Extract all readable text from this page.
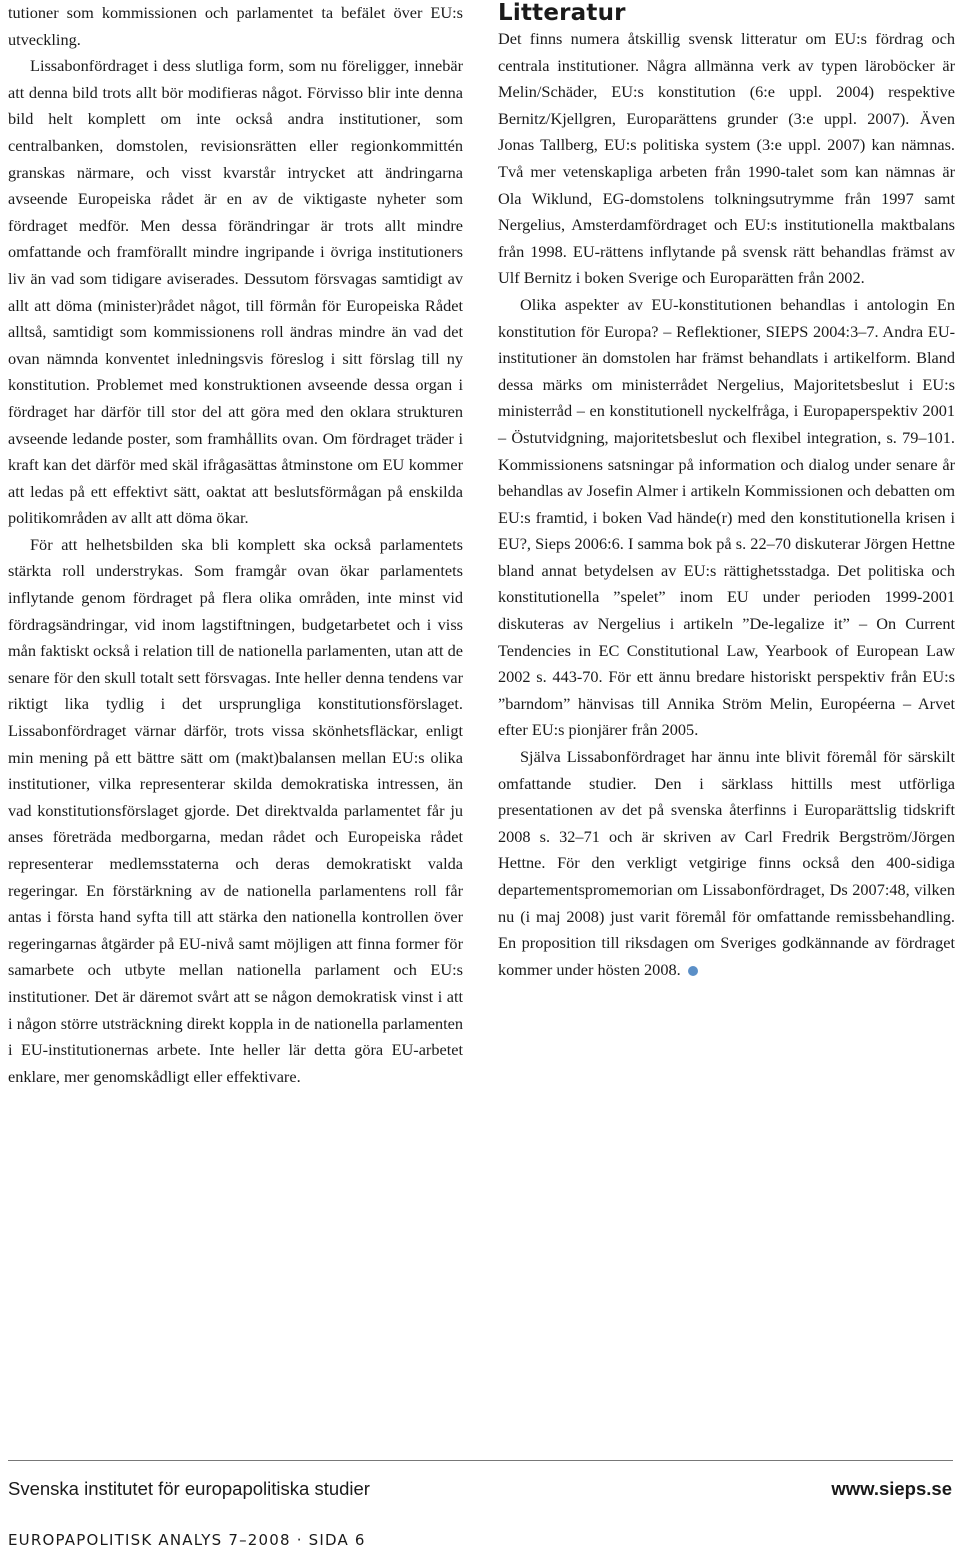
tutioner som kommissionen och parlamentet ta befälet över EU:s utveckling.

Lissabonfördraget i dess slutliga form, som nu föreligger, innebär att denna bild trots allt bör modifieras något. Förvisso blir inte denna bild helt komplett om inte också andra institutioner, som centralbanken, domstolen, revisionsrätten eller regionkommittén granskas närmare, och visst kvarstår intrycket att ändringarna avseende Europeiska rådet är en av de viktigaste nyheter som fördraget medför. Men dessa förändringar är trots allt mindre omfattande och framförallt mindre ingripande i övriga institutioners liv än vad som tidigare aviserades. Dessutom försvagas samtidigt av allt att döma (minister)rådet något, till förmån för Europeiska Rådet alltså, samtidigt som kommissionens roll ändras mindre än vad det ovan nämnda konventet inledningsvis föreslog i sitt förslag till ny konstitution. Problemet med konstruktionen avseende dessa organ i fördraget har därför till stor del att göra med den oklara strukturen avseende ledande poster, som framhållits ovan. Om fördraget träder i kraft kan det därför med skäl ifrågasättas åtminstone om EU kommer att ledas på ett effektivt sätt, oaktat att beslutsförmågan på enskilda politikområden av allt att döma ökar.

För att helhetsbilden ska bli komplett ska också parlamentets stärkta roll understrykas. Som framgår ovan ökar parlamentets inflytande genom fördraget på flera olika områden, inte minst vid fördragsändringar, vid inom lagstiftningen, budgetarbetet och i viss mån faktiskt också i relation till de nationella parlamenten, utan att de senare för den skull totalt sett försvagas. Inte heller denna tendens var riktigt lika tydlig i det ursprungliga konstitutionsförslaget. Lissabonfördraget värnar därför, trots vissa skönhetsfläckar, enligt min mening på ett bättre sätt om (makt)balansen mellan EU:s olika institutioner, vilka representerar skilda demokratiska intressen, än vad konstitutionsförslaget gjorde. Det direktvalda parlamentet får ju anses företräda medborgarna, medan rådet och Europeiska rådet representerar medlemsstaterna och deras demokratiskt valda regeringar. En förstärkning av de nationella parlamentens roll får antas i första hand syfta till att stärka den nationella kontrollen över regeringarnas åtgärder på EU-nivå samt möjligen att finna former för samarbete och utbyte mellan nationella parlament och EU:s institutioner. Det är däremot svårt att se någon demokratisk vinst i att i någon större utsträckning direkt koppla in de nationella parlamenten i EU-institutionernas arbete. Inte heller lär detta göra EU-arbetet enklare, mer genomskådligt eller effektivare.

Litteratur

Det finns numera åtskillig svensk litteratur om EU:s fördrag och centrala institutioner. Några allmänna verk av typen läroböcker är Melin/Schäder, EU:s konstitution (6:e uppl. 2004) respektive Bernitz/Kjellgren, Europarättens grunder (3:e uppl. 2007). Även Jonas Tallberg, EU:s politiska system (3:e uppl. 2007) kan nämnas. Två mer vetenskapliga arbeten från 1990-talet som kan nämnas är Ola Wiklund, EG-domstolens tolkningsutrymme från 1997 samt Nergelius, Amsterdamfördraget och EU:s institutionella maktbalans från 1998. EU-rättens inflytande på svensk rätt behandlas främst av Ulf Bernitz i boken Sverige och Europarätten från 2002.

Olika aspekter av EU-konstitutionen behandlas i antologin En konstitution för Europa? – Reflektioner, SIEPS 2004:3–7. Andra EU-institutioner än domstolen har främst behandlats i artikelform. Bland dessa märks om ministerrådet Nergelius, Majoritetsbeslut i EU:s ministerråd – en konstitutionell nyckelfråga, i Europaperspektiv 2001 – Östutvidgning, majoritetsbeslut och flexibel integration, s. 79–101. Kommissionens satsningar på information och dialog under senare år behandlas av Josefin Almer i artikeln Kommissionen och debatten om EU:s framtid, i boken Vad hände(r) med den konstitutionella krisen i EU?, Sieps 2006:6. I samma bok på s. 22–70 diskuterar Jörgen Hettne bland annat betydelsen av EU:s rättighetsstadga. Det politiska och konstitutionella ”spelet” inom EU under perioden 1999-2001 diskuteras av Nergelius i artikeln ”De-legalize it” – On Current Tendencies in EC Constitutional Law, Yearbook of European Law 2002 s. 443-70. För ett ännu bredare historiskt perspektiv från EU:s ”barndom” hänvisas till Annika Ström Melin, Européerna – Arvet efter EU:s pionjärer från 2005.

Själva Lissabonfördraget har ännu inte blivit föremål för särskilt omfattande studier. Den i särklass hittills mest utförliga presentationen av det på svenska återfinns i Europarättslig tidskrift 2008 s. 32–71 och är skriven av Carl Fredrik Bergström/Jörgen Hettne. För den verkligt vetgirige finns också den 400-sidiga departementspromemorian om Lissabonfördraget, Ds 2007:48, vilken nu (i maj 2008) just varit föremål för omfattande remissbehandling. En proposition till riksdagen om Sveriges godkännande av fördraget kommer under hösten 2008.

Svenska institutet för europapolitiska studier	www.sieps.se
EUROPAPOLITISK ANALYS 7–2008 · SIDA 6
